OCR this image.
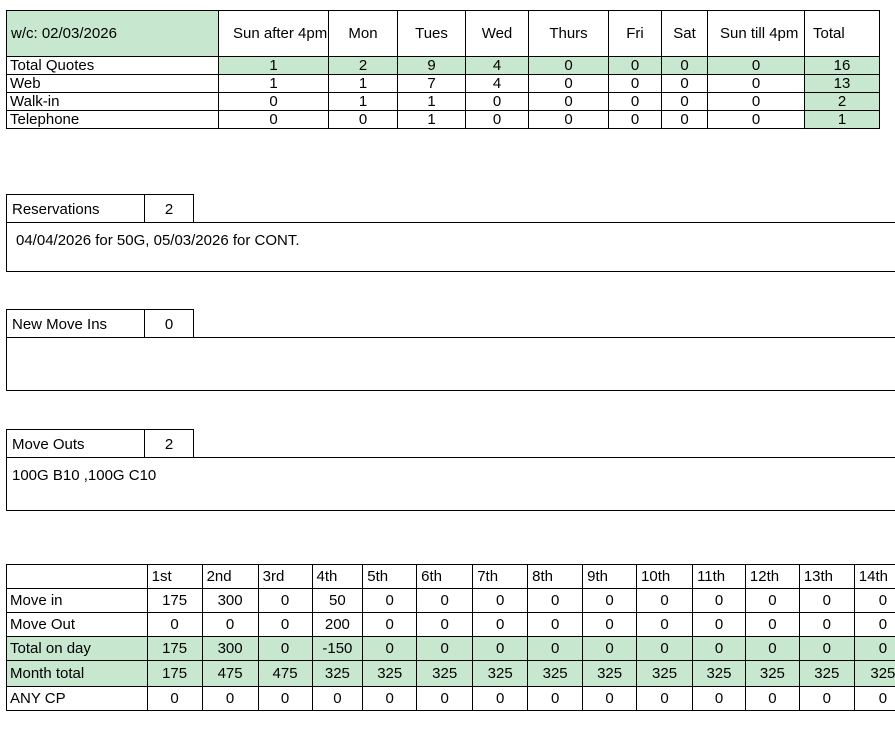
w/c: 02/03/2026	Sun after 4pm	Mon	Tues	Wed	Thurs	Fri	Sat	Sun till 4pm	Total
Total Quotes	1	2	9	4	0	0	0	0	16
Web	1	1	7	4	0	0	0	0	13
Walk-in	0	1	1	0	0	0	0	0	2
Telephone	0	0	1	0	0	0	0	0	1
Reservations	2
04/04/2026 for 50G, 05/03/2026 for CONT.
New Move Ins	0
Move Outs	2
100G B10 ,100G C10
	1st	2nd	3rd	4th	5th	6th	7th	8th	9th	10th	11th	12th	13th	14th	
Move in	175	300	0	50	0	0	0	0	0	0	0	0	0	0	
Move Out	0	0	0	200	0	0	0	0	0	0	0	0	0	0	
Total on day	175	300	0	-150	0	0	0	0	0	0	0	0	0	0	
Month total	175	475	475	325	325	325	325	325	325	325	325	325	325	325	
ANY CP	0	0	0	0	0	0	0	0	0	0	0	0	0	0	
